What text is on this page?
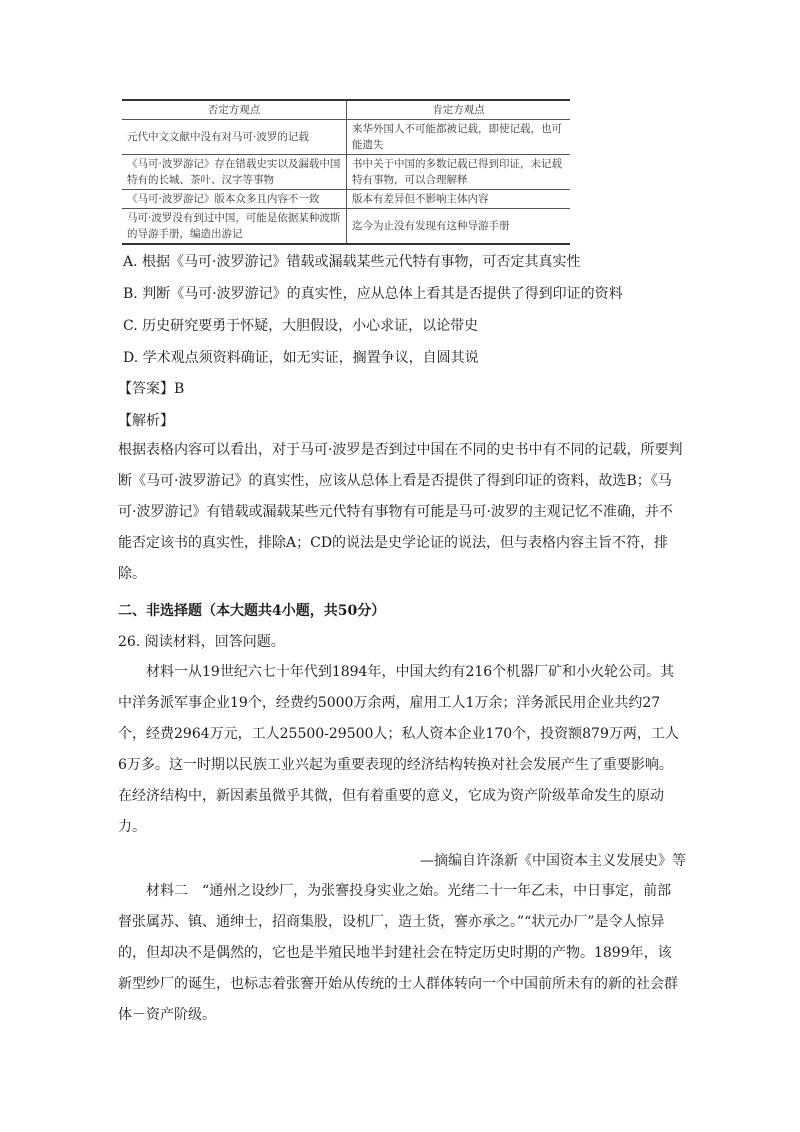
否定方观点	肯定方观点
元代中文文献中没有对马可·波罗的记载	来华外国人不可能都被记载，即使记载，也可能遗失
《马可·波罗游记》存在错载史实以及漏载中国特有的长城、茶叶、汉字等事物	书中关于中国的多数记载已得到印证，未记载特有事物，可以合理解释
《马可·波罗游记》版本众多且内容不一致	版本有差异但不影响主体内容
马可·波罗没有到过中国，可能是依据某种波斯的导游手册，编造出游记	迄今为止没有发现有这种导游手册
A. 根据《马可·波罗游记》错载或漏载某些元代特有事物，可否定其真实性
B. 判断《马可·波罗游记》的真实性，应从总体上看其是否提供了得到印证的资料
C. 历史研究要勇于怀疑，大胆假设，小心求证，以论带史
D. 学术观点须资料确证，如无实证，搁置争议，自圆其说
【答案】B
【解析】
根据表格内容可以看出，对于马可·波罗是否到过中国在不同的史书中有不同的记载，所要判断《马可·波罗游记》的真实性，应该从总体上看是否提供了得到印证的资料，故选B；《马可·波罗游记》有错载或漏载某些元代特有事物有可能是马可·波罗的主观记忆不准确，并不能否定该书的真实性，排除A；CD的说法是史学论证的说法，但与表格内容主旨不符，排除。
二、非选择题（本大题共4小题，共50分）
26. 阅读材料，回答问题。
材料一从19世纪六七十年代到1894年，中国大约有216个机器厂矿和小火轮公司。其中洋务派军事企业19个，经费约5000万余两，雇用工人1万余；洋务派民用企业共约27个，经费2964万元，工人25500-29500人；私人资本企业170个，投资额879万两，工人6万多。这一时期以民族工业兴起为重要表现的经济结构转换对社会发展产生了重要影响。在经济结构中，新因素虽微乎其微，但有着重要的意义，它成为资产阶级革命发生的原动力。
—摘编自许涤新《中国资本主义发展史》等
材料二　“通州之设纱厂，为张謇投身实业之始。光绪二十一年乙未，中日事定，前部督张属苏、镇、通绅士，招商集股，设机厂，造土货，謇亦承之。”“状元办厂”是令人惊异的，但却决不是偶然的，它也是半殖民地半封建社会在特定历史时期的产物。1899年，该新型纱厂的诞生，也标志着张謇开始从传统的士人群体转向一个中国前所未有的新的社会群体－资产阶级。
